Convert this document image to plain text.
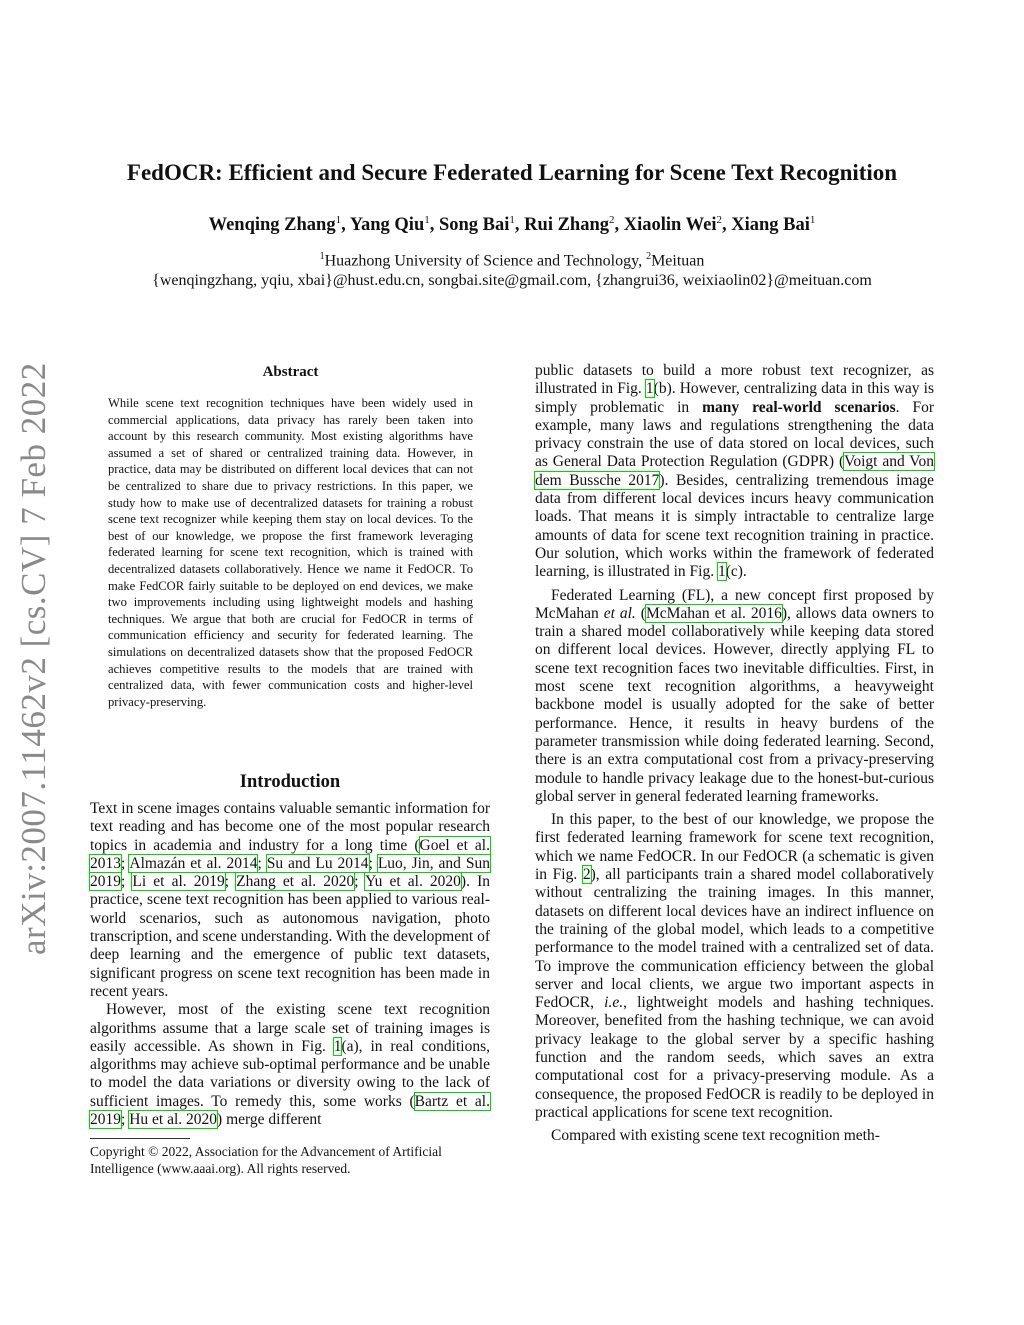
arXiv:2007.11462v2 [cs.CV] 7 Feb 2022
FedOCR: Efficient and Secure Federated Learning for Scene Text Recognition
Wenqing Zhang$^1$, Yang Qiu$^1$, Song Bai$^1$, Rui Zhang$^2$, Xiaolin Wei$^2$, Xiang Bai$^1$
$^1$Huazhong University of Science and Technology, $^2$Meituan
{wenqingzhang, yqiu, xbai}@hust.edu.cn, songbai.site@gmail.com, {zhangrui36, weixiaolin02}@meituan.com
Abstract
While scene text recognition techniques have been widely used in commercial applications, data privacy has rarely been taken into account by this research community. Most existing algorithms have assumed a set of shared or centralized training data. However, in practice, data may be distributed on different local devices that can not be centralized to share due to privacy restrictions. In this paper, we study how to make use of decentralized datasets for training a robust scene text recognizer while keeping them stay on local devices. To the best of our knowledge, we propose the first framework leveraging federated learning for scene text recognition, which is trained with decentralized datasets collaboratively. Hence we name it FedOCR. To make FedCOR fairly suitable to be deployed on end devices, we make two improvements including using lightweight models and hashing techniques. We argue that both are crucial for FedOCR in terms of communication efficiency and security for federated learning. The simulations on decentralized datasets show that the proposed FedOCR achieves competitive results to the models that are trained with centralized data, with fewer communication costs and higher-level privacy-preserving.
Introduction

Text in scene images contains valuable semantic information for text reading and has become one of the most popular research topics in academia and industry for a long time (Goel et al. 2013; Almazán et al. 2014; Su and Lu 2014; Luo, Jin, and Sun 2019; Li et al. 2019; Zhang et al. 2020; Yu et al. 2020). In practice, scene text recognition has been applied to various real-world scenarios, such as autonomous navigation, photo transcription, and scene understanding. With the development of deep learning and the emergence of public text datasets, significant progress on scene text recognition has been made in recent years.

However, most of the existing scene text recognition algorithms assume that a large scale set of training images is easily accessible. As shown in Fig. 1(a), in real conditions, algorithms may achieve sub-optimal performance and be unable to model the data variations or diversity owing to the lack of sufficient images. To remedy this, some works (Bartz et al. 2019; Hu et al. 2020) merge different

Copyright © 2022, Association for the Advancement of Artificial Intelligence (www.aaai.org). All rights reserved.

public datasets to build a more robust text recognizer, as illustrated in Fig. 1(b). However, centralizing data in this way is simply problematic in many real-world scenarios. For example, many laws and regulations strengthening the data privacy constrain the use of data stored on local devices, such as General Data Protection Regulation (GDPR) (Voigt and Von dem Bussche 2017). Besides, centralizing tremendous image data from different local devices incurs heavy communication loads. That means it is simply intractable to centralize large amounts of data for scene text recognition training in practice. Our solution, which works within the framework of federated learning, is illustrated in Fig. 1(c).

Federated Learning (FL), a new concept first proposed by McMahan et al. (McMahan et al. 2016), allows data owners to train a shared model collaboratively while keeping data stored on different local devices. However, directly applying FL to scene text recognition faces two inevitable difficulties. First, in most scene text recognition algorithms, a heavyweight backbone model is usually adopted for the sake of better performance. Hence, it results in heavy burdens of the parameter transmission while doing federated learning. Second, there is an extra computational cost from a privacy-preserving module to handle privacy leakage due to the honest-but-curious global server in general federated learning frameworks.

In this paper, to the best of our knowledge, we propose the first federated learning framework for scene text recognition, which we name FedOCR. In our FedOCR (a schematic is given in Fig. 2), all participants train a shared model collaboratively without centralizing the training images. In this manner, datasets on different local devices have an indirect influence on the training of the global model, which leads to a competitive performance to the model trained with a centralized set of data. To improve the communication efficiency between the global server and local clients, we argue two important aspects in FedOCR, i.e., lightweight models and hashing techniques. Moreover, benefited from the hashing technique, we can avoid privacy leakage to the global server by a specific hashing function and the random seeds, which saves an extra computational cost for a privacy-preserving module. As a consequence, the proposed FedOCR is readily to be deployed in practical applications for scene text recognition.

Compared with existing scene text recognition meth-
